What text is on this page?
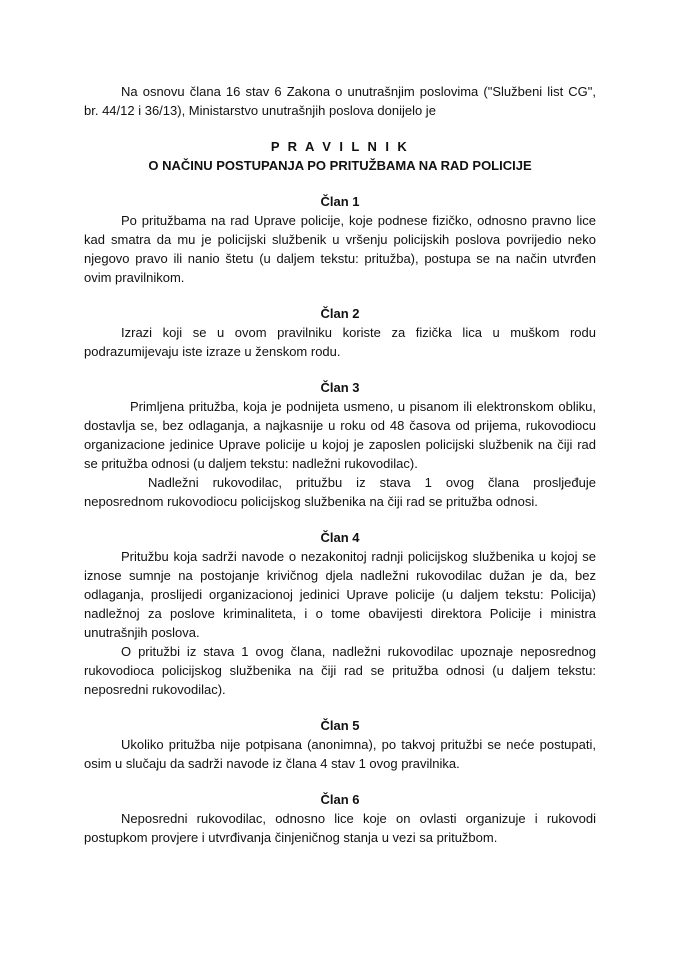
Na osnovu člana 16 stav 6 Zakona o unutrašnjim poslovima ("Službeni list CG", br. 44/12 i 36/13), Ministarstvo unutrašnjih poslova donijelo je

P R A V I L N I K

O NAČINU POSTUPANJA PO PRITUŽBAMA NA RAD POLICIJE

Član 1

Po pritužbama na rad Uprave policije, koje podnese fizičko, odnosno pravno lice kad smatra da mu je policijski službenik u vršenju policijskih poslova povrijedio neko njegovo pravo ili nanio štetu (u daljem tekstu: pritužba), postupa se na način utvrđen ovim pravilnikom.

Član 2

Izrazi koji se u ovom pravilniku koriste za fizička lica u muškom rodu podrazumijevaju iste izraze u ženskom rodu.

Član 3

Primljena pritužba, koja je podnijeta usmeno, u pisanom ili elektronskom obliku, dostavlja se, bez odlaganja, a najkasnije u roku od 48 časova od prijema, rukovodiocu organizacione jedinice Uprave policije u kojoj je zaposlen policijski službenik na čiji rad se pritužba odnosi (u daljem tekstu: nadležni rukovodilac).

Nadležni rukovodilac, pritužbu iz stava 1 ovog člana prosljeđuje neposrednom rukovodiocu policijskog službenika na čiji rad se pritužba odnosi.

Član 4

Pritužbu koja sadrži navode o nezakonitoj radnji policijskog službenika u kojoj se iznose sumnje na postojanje krivičnog djela nadležni rukovodilac dužan je da, bez odlaganja, proslijedi organizacionoj jedinici Uprave policije (u daljem tekstu: Policija) nadležnoj za poslove kriminaliteta, i o tome obavijesti direktora Policije i ministra unutrašnjih poslova.

O pritužbi iz stava 1 ovog člana, nadležni rukovodilac upoznaje neposrednog rukovodioca policijskog službenika na čiji rad se pritužba odnosi (u daljem tekstu: neposredni rukovodilac).

Član 5

Ukoliko pritužba nije potpisana (anonimna), po takvoj pritužbi se neće postupati, osim u slučaju da sadrži navode iz člana 4 stav 1 ovog pravilnika.

Član 6

Neposredni rukovodilac, odnosno lice koje on ovlasti organizuje i rukovodi postupkom provjere i utvrđivanja činjeničnog stanja u vezi sa pritužbom.
